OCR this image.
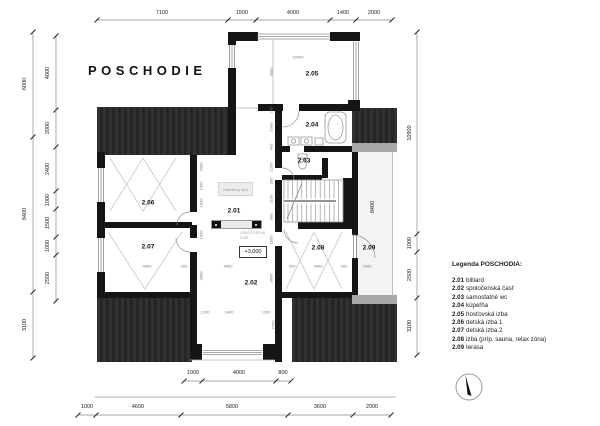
POSCHODIE
biliardový stôl
odpočinková
časť
+3,000
Legenda POSCHODIA:
2.01 billiard
2.02 spoločenská časť
2.03 samostatné wc
2.04 kúpeľňa
2.05 hosťovská izba
2.06 detská izba 1
2.07 detská izba 2
2.08 izba (príp. sauna, relax zóna)
2.09 terasa
2.01
2.02
2.03
2.04
2.05
2.06
2.07	2.08	2.09
7100	1500	4000	1400	2000
1000	4000	800
1000	4600	5800	3600	2000
6000
8400
3100
4000
2000
2400
1000
1500
1000
2500
10900
1000
2500
3100
8400
10000
4600	200	4800	200	3400	500	2000
1200	3400	1200
2000
1000
1500
1900
2000
3600
200
1900
400
1200
300
2100
300
1900
3600
2750
